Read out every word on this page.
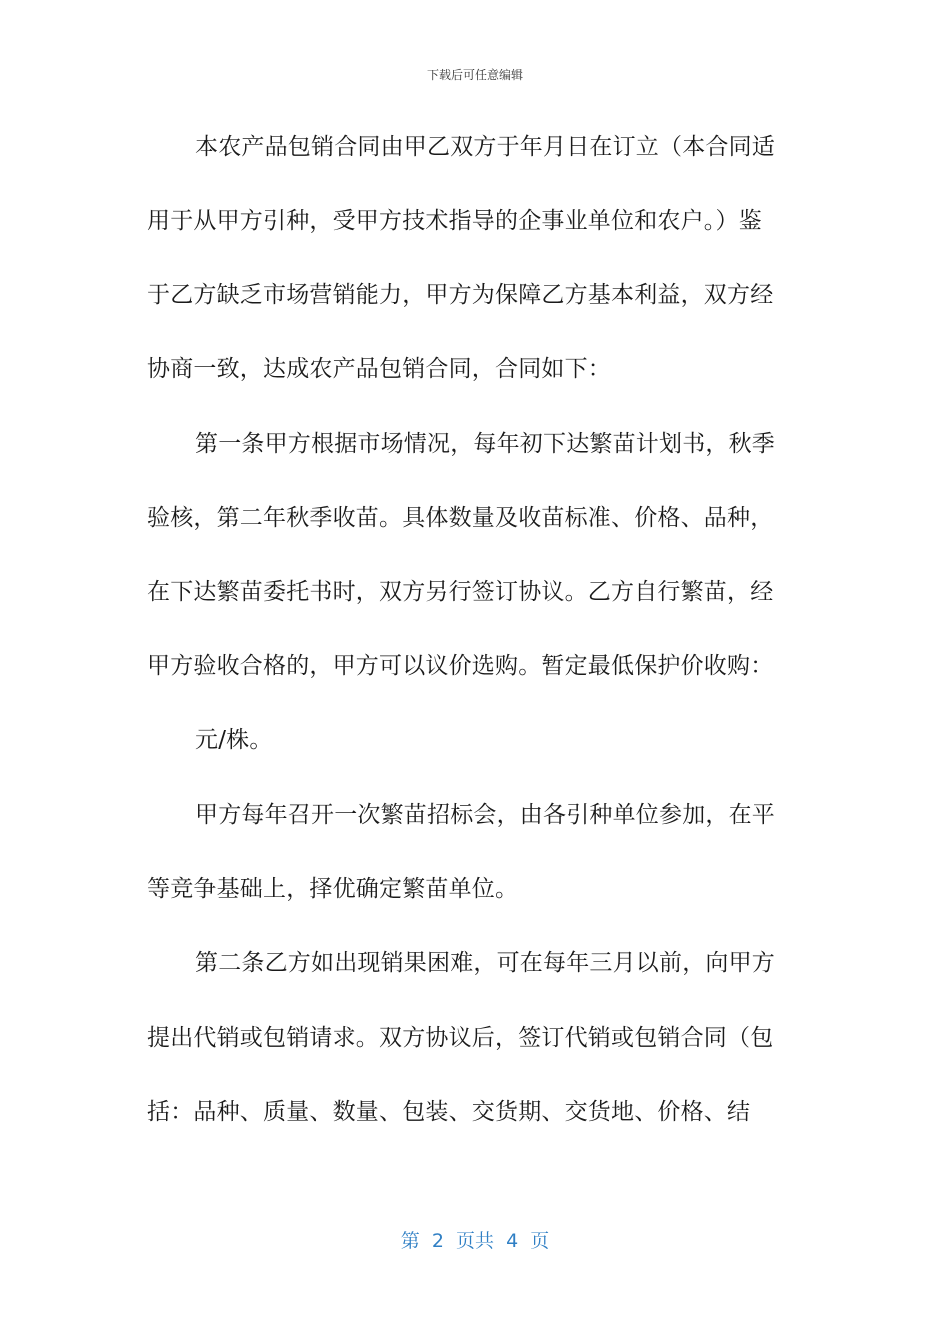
下载后可任意编辑
本农产品包销合同由甲乙双方于年月日在订立（本合同适
用于从甲方引种，受甲方技术指导的企事业单位和农户。）鉴
于乙方缺乏市场营销能力，甲方为保障乙方基本利益，双方经
协商一致，达成农产品包销合同，合同如下：
第一条甲方根据市场情况，每年初下达繁苗计划书，秋季
验核，第二年秋季收苗。具体数量及收苗标准、价格、品种，
在下达繁苗委托书时，双方另行签订协议。乙方自行繁苗，经
甲方验收合格的，甲方可以议价选购。暂定最低保护价收购：
元/株。
甲方每年召开一次繁苗招标会，由各引种单位参加，在平
等竞争基础上，择优确定繁苗单位。
第二条乙方如出现销果困难，可在每年三月以前，向甲方
提出代销或包销请求。双方协议后，签订代销或包销合同（包
括：品种、质量、数量、包装、交货期、交货地、价格、结
第  2  页共  4  页
